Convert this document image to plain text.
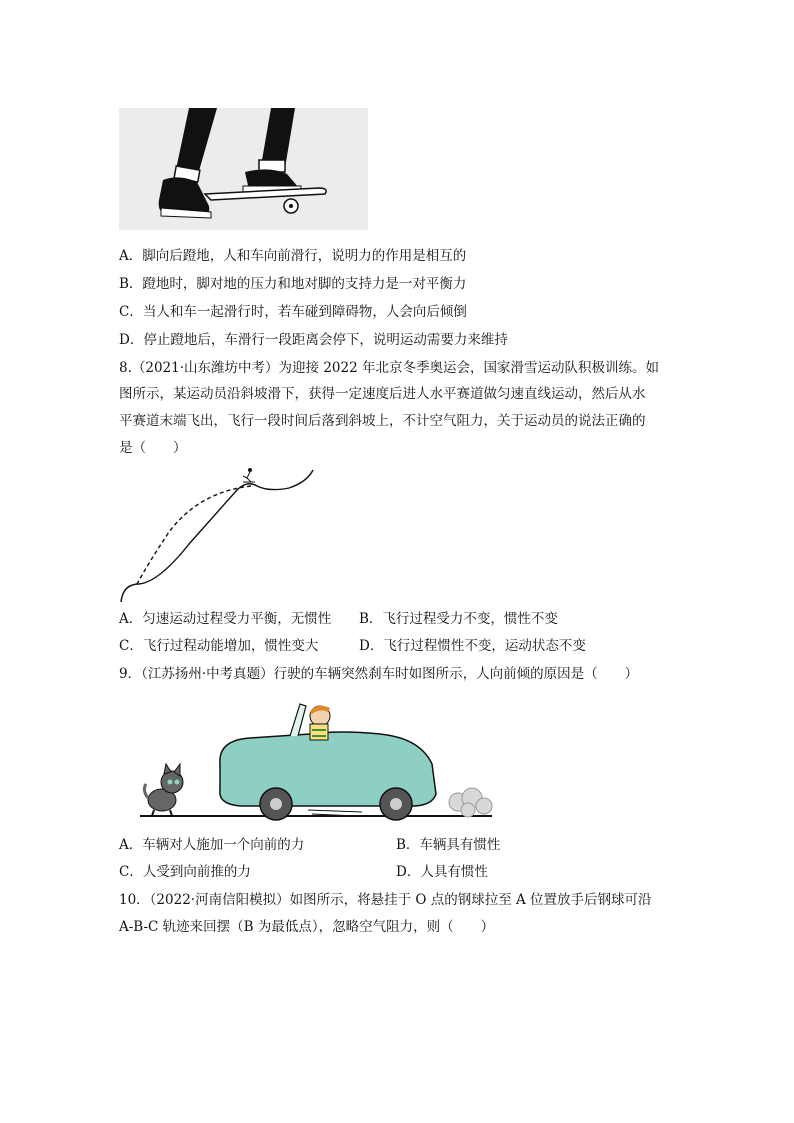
A．脚向后蹬地，人和车向前滑行，说明力的作用是相互的
B．蹬地时，脚对地的压力和地对脚的支持力是一对平衡力
C．当人和车一起滑行时，若车碰到障碍物，人会向后倾倒
D．停止蹬地后，车滑行一段距离会停下，说明运动需要力来维持
8.（2021·山东潍坊中考）为迎接 2022 年北京冬季奥运会，国家滑雪运动队积极训练。如
图所示，某运动员沿斜坡滑下，获得一定速度后进人水平赛道做匀速直线运动，然后从水
平赛道末端飞出，飞行一段时间后落到斜坡上，不计空气阻力，关于运动员的说法正确的
是（　　）
A．匀速运动过程受力平衡，无惯性 B．飞行过程受力不变，惯性不变
C．飞行过程动能增加，惯性变大	D．飞行过程惯性不变，运动状态不变
9．（江苏扬州·中考真题）行驶的车辆突然刹车时如图所示，人向前倾的原因是（　　）
A．车辆对人施加一个向前的力	B．车辆具有惯性
C．人受到向前推的力	D．人具有惯性
10．（2022·河南信阳模拟）如图所示，将悬挂于 O 点的钢球拉至 A 位置放手后钢球可沿
A-B-C 轨迹来回摆（B 为最低点），忽略空气阻力，则（　　）
